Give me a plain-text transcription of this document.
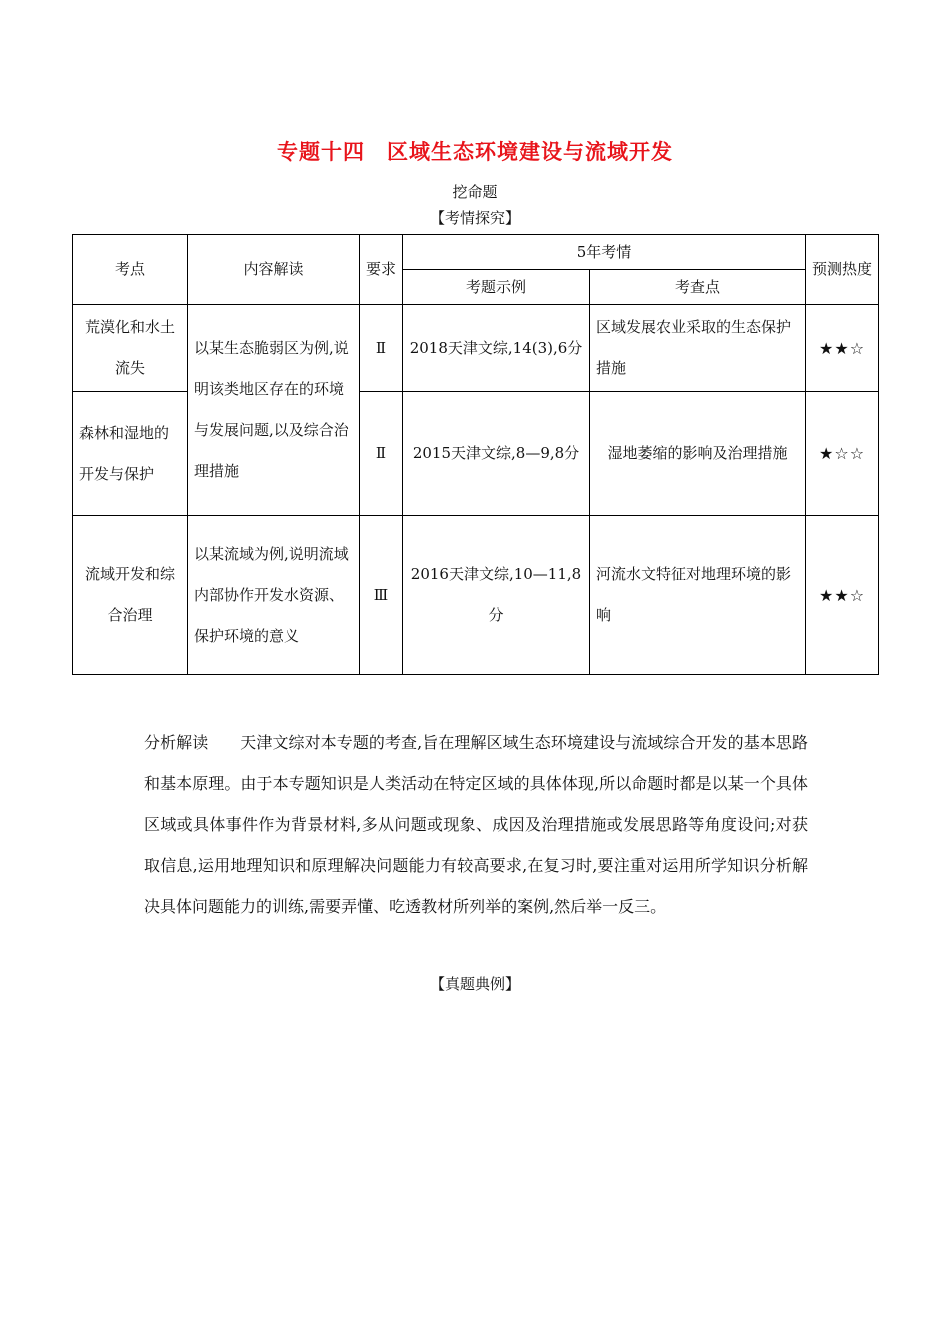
专题十四　区域生态环境建设与流域开发
挖命题
【考情探究】
考点	内容解读	要求	5年考情		预测热度
			考题示例	考查点	
荒漠化和水土流失	以某生态脆弱区为例,说明该类地区存在的环境与发展问题,以及综合治理措施	Ⅱ	2018天津文综,14(3),6分	区域发展农业采取的生态保护措施	★★☆
森林和湿地的开发与保护		Ⅱ	2015天津文综,8—9,8分	湿地萎缩的影响及治理措施	★☆☆
流域开发和综合治理	以某流域为例,说明流域内部协作开发水资源、保护环境的意义	Ⅲ	2016天津文综,10—11,8分	河流水文特征对地理环境的影响	★★☆
分析解读 天津文综对本专题的考查,旨在理解区域生态环境建设与流域综合开发的基本思路和基本原理。由于本专题知识是人类活动在特定区域的具体体现,所以命题时都是以某一个具体区域或具体事件作为背景材料,多从问题或现象、成因及治理措施或发展思路等角度设问;对获取信息,运用地理知识和原理解决问题能力有较高要求,在复习时,要注重对运用所学知识分析解决具体问题能力的训练,需要弄懂、吃透教材所列举的案例,然后举一反三。
【真题典例】
